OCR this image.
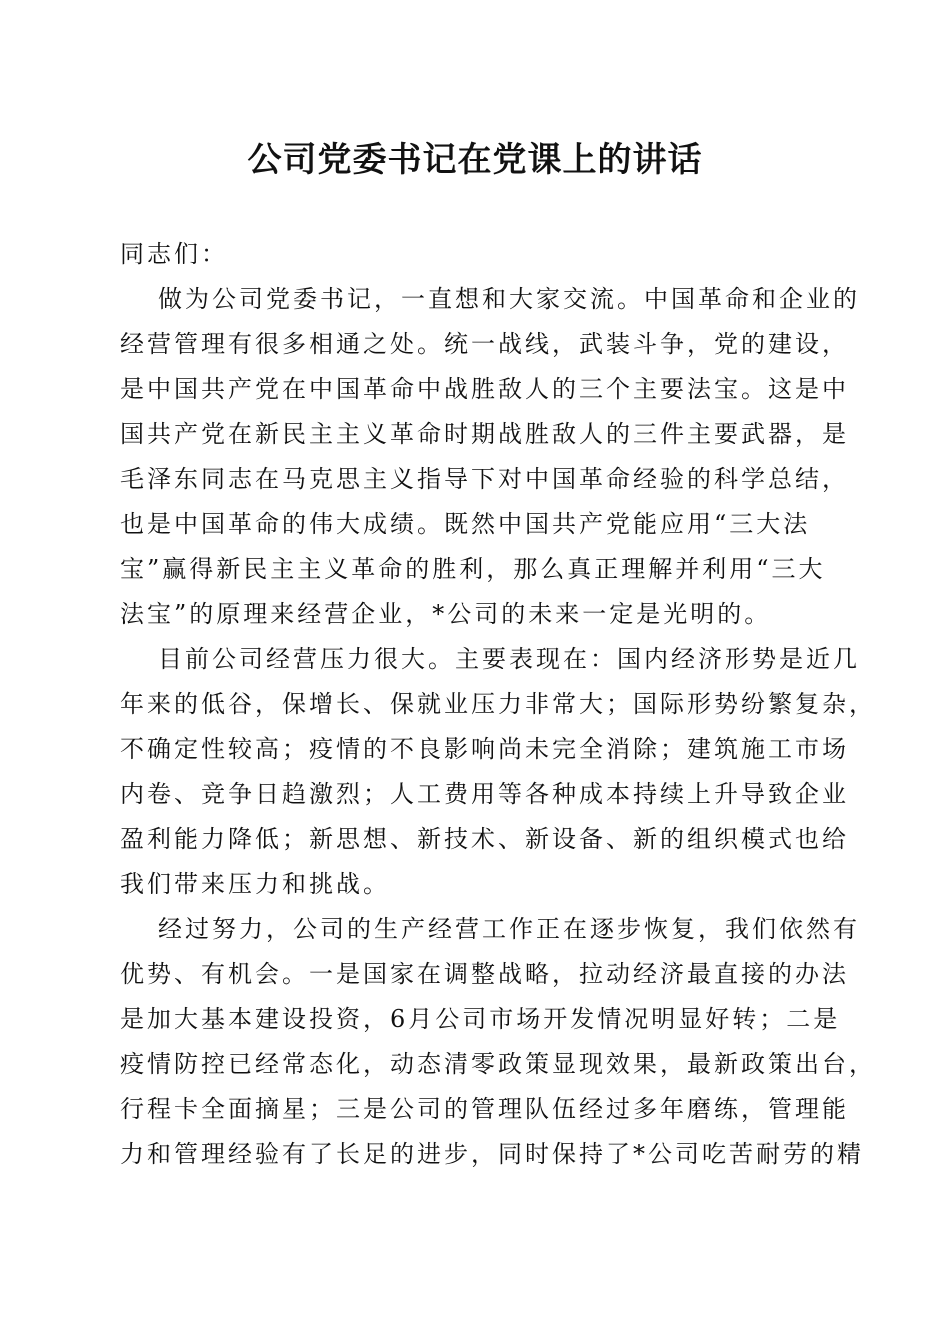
公司党委书记在党课上的讲话
同志们：
做为公司党委书记，一直想和大家交流。中国革命和企业的
经营管理有很多相通之处。统一战线，武装斗争，党的建设，
是中国共产党在中国革命中战胜敌人的三个主要法宝。这是中
国共产党在新民主主义革命时期战胜敌人的三件主要武器，是
毛泽东同志在马克思主义指导下对中国革命经验的科学总结，
也是中国革命的伟大成绩。既然中国共产党能应用“三大法
宝”赢得新民主主义革命的胜利，那么真正理解并利用“三大
法宝”的原理来经营企业，*公司的未来一定是光明的。
目前公司经营压力很大。主要表现在：国内经济形势是近几
年来的低谷，保增长、保就业压力非常大；国际形势纷繁复杂，
不确定性较高；疫情的不良影响尚未完全消除；建筑施工市场
内卷、竞争日趋激烈；人工费用等各种成本持续上升导致企业
盈利能力降低；新思想、新技术、新设备、新的组织模式也给
我们带来压力和挑战。
经过努力，公司的生产经营工作正在逐步恢复，我们依然有
优势、有机会。一是国家在调整战略，拉动经济最直接的办法
是加大基本建设投资，6月公司市场开发情况明显好转；二是
疫情防控已经常态化，动态清零政策显现效果，最新政策出台，
行程卡全面摘星；三是公司的管理队伍经过多年磨练，管理能
力和管理经验有了长足的进步，同时保持了*公司吃苦耐劳的精
